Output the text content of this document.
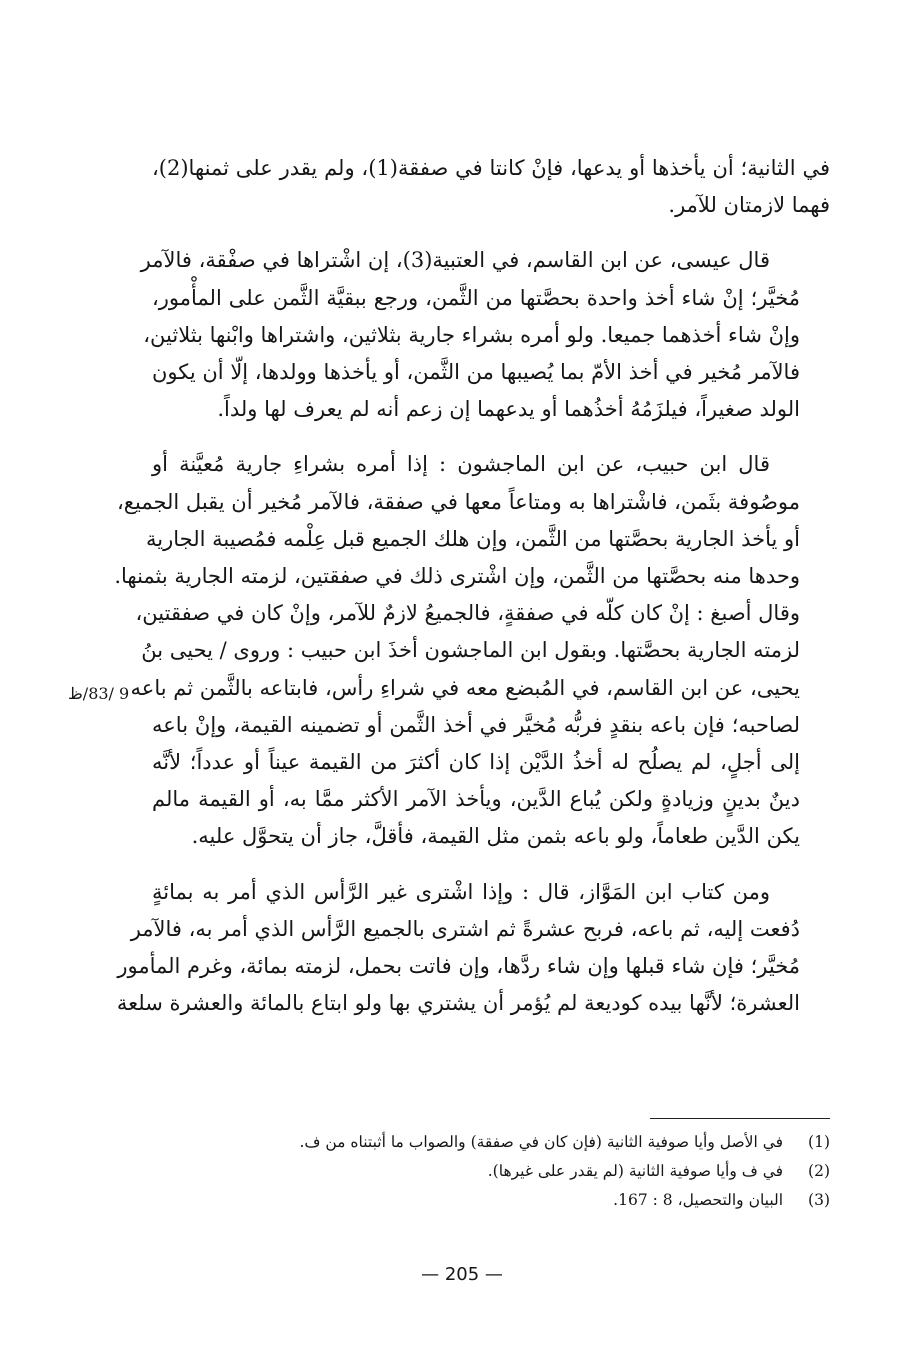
في الثانية؛ أن يأخذها أو يدعها، فإنْ كانتا في صفقة(1)، ولم يقدر على ثمنها(2)،
فهما لازمتان للآمر.
قال عيسى، عن ابن القاسم، في العتبية(3)، إن اشْتراها في صفْقة، فالآمر
مُخيَّر؛ إنْ شاء أخذ واحدة بحصَّتها من الثَّمن، ورجع ببقيَّة الثَّمن على المأْمور،
وإنْ شاء أخذهما جميعا. ولو أمره بشراء جارية بثلاثين، واشتراها وابْنها بثلاثين،
فالآمر مُخير في أخذ الأمّ بما يُصيبها من الثَّمن، أو يأخذها وولدها، إلّا أن يكون
الولد صغيراً، فيلزَمُهُ أخذُهما أو يدعهما إن زعم أنه لم يعرف لها ولداً.
قال ابن حبيب، عن ابن الماجشون : إذا أمره بشراءِ جارية مُعيَّنة أو
موصُوفة بثَمن، فاشْتراها به ومتاعاً معها في صفقة، فالآمر مُخير أن يقبل الجميع،
أو يأخذ الجارية بحصَّتها من الثَّمن، وإن هلك الجميع قبل عِلْمه فمُصيبة الجارية
وحدها منه بحصَّتها من الثَّمن، وإن اشْترى ذلك في صفقتين، لزمته الجارية بثمنها.
وقال أصبغ : إنْ كان كلّه في صفقةٍ، فالجميعُ لازمٌ للآمر، وإنْ كان في صفقتين،
لزمته الجارية بحصَّتها. وبقول ابن الماجشون أخذَ ابن حبيب : وروى / يحيى بنُ
يحيى، عن ابن القاسم، في المُبضع معه في شراءِ رأس، فابتاعه بالثَّمن ثم باعه
لصاحبه؛ فإن باعه بنقدٍ فربُّه مُخيَّر في أخذ الثَّمن أو تضمينه القيمة، وإنْ باعه
إلى أجلٍ، لم يصلُح له أخذُ الدَّيْن إذا كان أكثرَ من القيمة عيناً أو عدداً؛ لأنَّه
دينٌ بدينٍ وزيادةٍ ولكن يُباع الدَّين، ويأخذ الآمر الأكثر ممَّا به، أو القيمة مالم
يكن الدَّين طعاماً، ولو باعه بثمن مثل القيمة، فأقلَّ، جاز أن يتحوَّل عليه.
ومن كتاب ابن المَوَّاز، قال : وإذا اشْترى غير الرَّأس الذي أمر به بمائةٍ
دُفعت إليه، ثم باعه، فربح عشرةً ثم اشترى بالجميع الرَّأس الذي أمر به، فالآمر
مُخيَّر؛ فإن شاء قبلها وإن شاء ردَّها، وإن فاتت بحمل، لزمته بمائة، وغرم المأمور
العشرة؛ لأنَّها بيده كوديعة لم يُؤمر أن يشتري بها ولو ابتاع بالمائة والعشرة سلعة
9 /83/ظ
(1) في الأصل وأيا صوفية الثانية (فإن كان في صفقة) والصواب ما أثبتناه من ف.
(2) في ف وأيا صوفية الثانية (لم يقدر على غيرها).
(3) البيان والتحصيل، 8 : 167.
— 205 —
